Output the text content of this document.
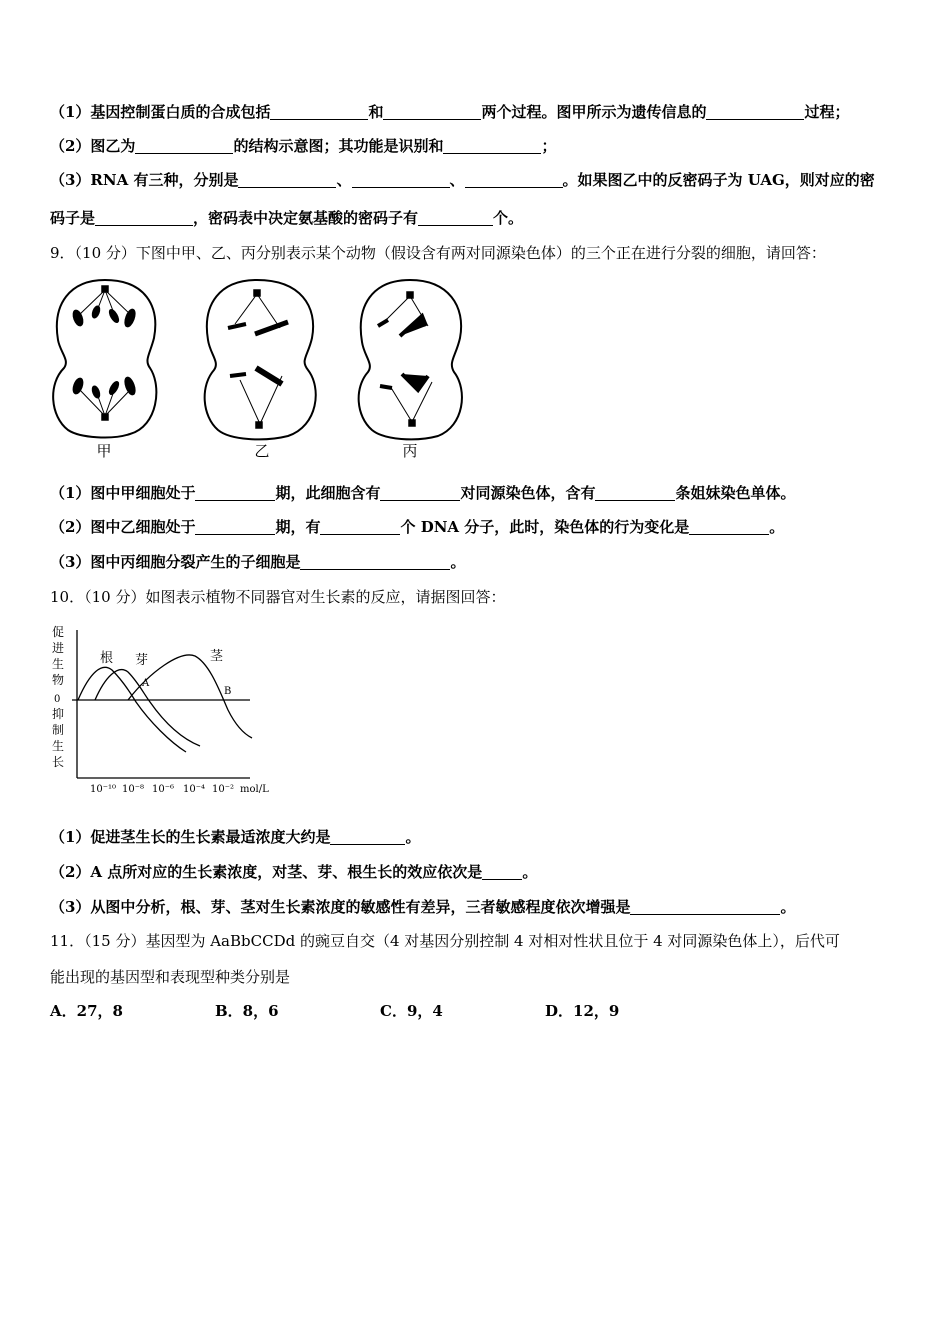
（1）基因控制蛋白质的合成包括	和	两个过程。图甲所示为遗传信息的	过程；
（2）图乙为	的结构示意图；其功能是识别和	；
（3）RNA 有三种，分别是	、	、	。如果图乙中的反密码子为 UAG，则对应的密
码子是	，密码表中决定氨基酸的密码子有	个。
9．（10 分）下图中甲、乙、丙分别表示某个动物（假设含有两对同源染色体）的三个正在进行分裂的细胞，请回答：
甲	乙	丙
（1）图中甲细胞处于	期，此细胞含有	对同源染色体，含有	条姐妹染色单体。
（2）图中乙细胞处于	期，有	个 DNA 分子，此时，染色体的行为变化是	。
（3）图中丙细胞分裂产生的子细胞是	。
10．（10 分）如图表示植物不同器官对生长素的反应，请据图回答：
促
进
生
物
0
抑
制
生
长
根 芽	茎
A
B
10⁻¹⁰ 10⁻⁸ 10⁻⁶ 10⁻⁴ 10⁻² mol/L
（1）促进茎生长的生长素最适浓度大约是	。
（2）A 点所对应的生长素浓度，对茎、芽、根生长的效应依次是	。
（3）从图中分析，根、芽、茎对生长素浓度的敏感性有差异，三者敏感程度依次增强是	。
11．（15 分）基因型为 AaBbCCDd 的豌豆自交（4 对基因分别控制 4 对相对性状且位于 4 对同源染色体上），后代可
能出现的基因型和表现型种类分别是
A．27，8	B．8，6	C．9，4	D．12，9
